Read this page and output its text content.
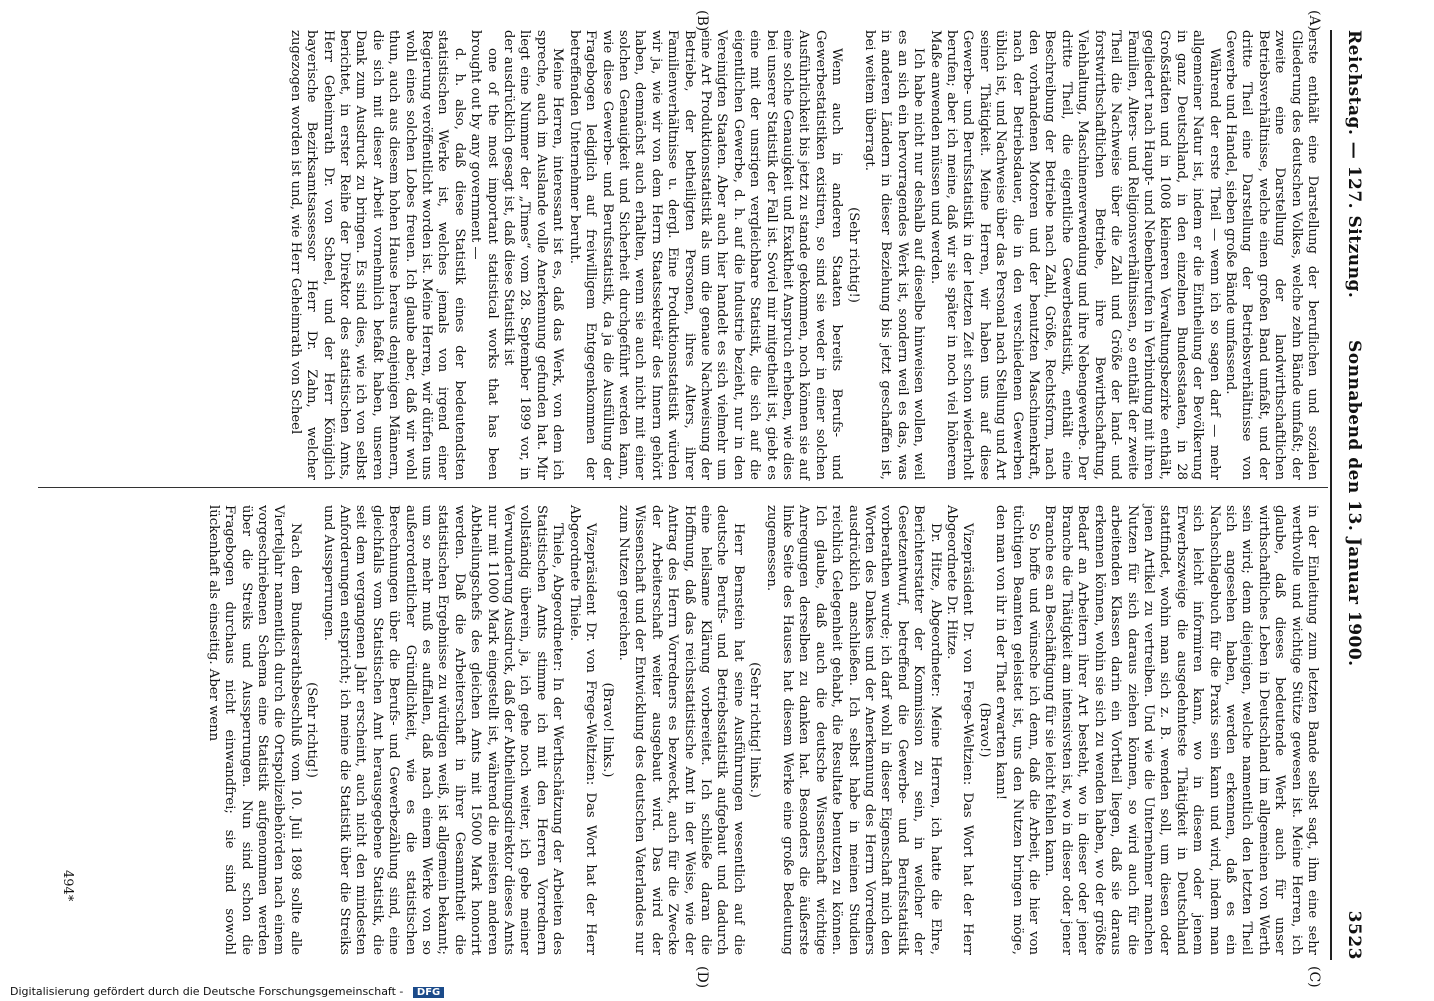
Reichstag. — 127. Sitzung.
Sonnabend den 13. Januar 1900.
3523
(A)
(B)
(C)
(D)

erste enthält eine Darstellung der beruflichen und sozialen Gliederung des deutschen Volkes, welche zehn Bände umfaßt; der zweite eine Darstellung der landwirthschaftlichen Betriebsverhältnisse, welche einen großen Band umfaßt, und der dritte Theil eine Darstellung der Betriebsverhältnisse von Gewerbe und Handel, sieben große Bände umfassend.

Während der erste Theil — wenn ich so sagen darf — mehr allgemeiner Natur ist, indem er die Eintheilung der Bevölkerung in ganz Deutschland, in den einzelnen Bundesstaaten, in 28 Großstädten und in 1008 kleineren Verwaltungsbezirke enthält, gegliedert nach Haupt- und Nebenberufen in Verbindung mit ihren Familien, Alters- und Religionsverhältnissen, so enthält der zweite Theil die Nachweise über die Zahl und Größe der land- und forstwirthschaftlichen Betriebe, ihre Bewirthschaftung, Viehhaltung, Maschinenverwendung und ihre Nebengewerbe. Der dritte Theil, die eigentliche Gewerbestatistik, enthält eine Beschreibung der Betriebe nach Zahl, Größe, Rechtsform, nach den vorhandenen Motoren und der benutzten Maschinenkraft, nach der Betriebsdauer, die in den verschiedenen Gewerben üblich ist, und Nachweise über das Personal nach Stellung und Art seiner Thätigkeit. Meine Herren, wir haben uns auf diese Gewerbe- und Berufsstatistik in der letzten Zeit schon wiederholt berufen; aber ich meine, daß wir sie später in noch viel höherem Maße anwenden müssen und werden.

Ich habe nicht nur deshalb auf dieselbe hinweisen wollen, weil es an sich ein hervorragendes Werk ist, sondern weil es das, was in anderen Ländern in dieser Beziehung bis jetzt geschaffen ist, bei weitem überragt.

(Sehr richtig!)

Wenn auch in anderen Staaten bereits Berufs- und Gewerbestatistiken existiren, so sind sie weder in einer solchen Ausführlichkeit bis jetzt zu stande gekommen, noch können sie auf eine solche Genauigkeit und Exaktheit Anspruch erheben, wie dies bei unserer Statistik der Fall ist. Soviel mir mitgetheilt ist, giebt es eine mit der unsrigen vergleichbare Statistik, die sich auf die eigentlichen Gewerbe, d. h. auf die Industrie bezieht, nur in den Vereinigten Staaten. Aber auch hier handelt es sich vielmehr um eine Art Produktionsstatistik als um die genaue Nachweisung der Betriebe, der betheiligten Personen, ihres Alters, ihrer Familienverhältnisse u. dergl. Eine Produktionsstatistik würden wir ja, wie wir von dem Herrn Staatssekretär des Innern gehört haben, demnächst auch erhalten, wenn sie auch nicht mit einer solchen Genauigkeit und Sicherheit durchgeführt werden kann, wie diese Gewerbe- und Berufsstatistik, da ja die Ausfüllung der Fragebogen lediglich auf freiwilligem Entgegenkommen der betreffenden Unternehmer beruht.

Meine Herren, interessant ist es, daß das Werk, von dem ich spreche, auch im Auslande volle Anerkennung gefunden hat. Mir liegt eine Nummer der „Times“ vom 28. September 1899 vor, in der ausdrücklich gesagt ist, daß diese Statistik ist

one of the most important statistical works that has been brought out by any government —

d. h. also, daß diese Statistik eines der bedeutendsten statistischen Werke ist, welches jemals von irgend einer Regierung veröffentlicht worden ist. Meine Herren, wir dürfen uns wohl eines solchen Lobes freuen. Ich glaube aber, daß wir wohl thun, auch aus diesem hohen Hause heraus denjenigen Männern, die sich mit dieser Arbeit vornehmlich befaßt haben, unseren Dank zum Ausdruck zu bringen. Es sind dies, wie ich von selbst berichtet, in erster Reihe der Direktor des statistischen Amts, Herr Geheimrath Dr. von Scheel, und der Herr Königlich bayerische Bezirksamtsassessor Herr Dr. Zahn, welcher zugezogen worden ist und, wie Herr Geheimrath von Scheel

in der Einleitung zum letzten Bande selbst sagt, ihm eine sehr werthvolle und wichtige Stütze gewesen ist. Meine Herren, ich glaube, daß dieses bedeutende Werk auch für unser wirthschaftliches Leben in Deutschland im allgemeinen von Werth sein wird; denn diejenigen, welche namentlich den letzten Theil sich angesehen haben, werden erkennen, daß es ein Nachschlagebuch für die Praxis sein kann und wird, indem man sich leicht informiren kann, wo in diesem oder jenem Erwerbszweige die ausgedehnteste Thätigkeit in Deutschland stattfindet, wohin man sich z. B. wenden soll, um diesen oder jenen Artikel zu vertreiben. Und wie die Unternehmer manchen Nutzen für sich daraus ziehen können, so wird auch für die arbeitenden Klassen darin ein Vortheil liegen, daß sie daraus erkennen können, wohin sie sich zu wenden haben, wo der größte Bedarf an Arbeitern ihrer Art besteht, wo in dieser oder jener Branche die Thätigkeit am intensivsten ist, wo in dieser oder jener Branche es an Beschäftigung für sie leicht fehlen kann.

So hoffe und wünsche ich denn, daß die Arbeit, die hier von tüchtigen Beamten geleistet ist, uns den Nutzen bringen möge, den man von ihr in der That erwarten kann!

(Bravo!)

Vizepräsident Dr. von Frege-Weltzien: Das Wort hat der Herr Abgeordnete Dr. Hitze.

Dr. Hitze, Abgeordneter: Meine Herren, ich hatte die Ehre, Berichterstatter der Kommission zu sein, in welcher der Gesetzentwurf, betreffend die Gewerbe- und Berufsstatistik vorberathen wurde; ich darf wohl in dieser Eigenschaft mich den Worten des Dankes und der Anerkennung des Herrn Vorredners ausdrücklich anschließen. Ich selbst habe in meinen Studien reichlich Gelegenheit gehabt, die Resultate benutzen zu können. Ich glaube, daß auch die deutsche Wissenschaft wichtige Anregungen derselben zu danken hat. Besonders die äußerste linke Seite des Hauses hat diesem Werke eine große Bedeutung zugemessen.

(Sehr richtig! links.)

Herr Bernstein hat seine Ausführungen wesentlich auf die deutsche Berufs- und Betriebsstatistik aufgebaut und dadurch eine heilsame Klärung vorbereitet. Ich schließe daran die Hoffnung, daß das reichsstatistische Amt in der Weise, wie der Antrag des Herrn Vorredners es bezweckt, auch für die Zwecke der Arbeiterschaft weiter ausgebaut wird. Das wird der Wissenschaft und der Entwicklung des deutschen Vaterlandes nur zum Nutzen gereichen.

(Bravo! links.)

Vizepräsident Dr. von Frege-Weltzien: Das Wort hat der Herr Abgeordnete Thiele.

Thiele, Abgeordneter: In der Werthschätzung der Arbeiten des Statistischen Amts stimme ich mit den Herren Vorrednern vollständig überein, ja, ich gehe noch weiter, ich gebe meiner Verwunderung Ausdruck, daß der Abtheilungsdirektor dieses Amts nur mit 11000 Mark eingestellt ist, während die meisten anderen Abtheilungschefs des gleichen Amts mit 15000 Mark honorirt werden. Daß die Arbeiterschaft in ihrer Gesammtheit die statistischen Ergebnisse zu würdigen weiß, ist allgemein bekannt; um so mehr muß es auffallen, daß nach einem Werke von so außerordentlicher Gründlichkeit, wie es die statistischen Berechnungen über die Berufs- und Gewerbezählung sind, eine gleichfalls vom Statistischen Amt herausgegebene Statistik, die seit dem vergangenen Jahr erscheint, auch nicht den mindesten Anforderungen entspricht; ich meine die Statistik über die Streiks und Aussperrungen.

(Sehr richtig!)

Nach dem Bundesrathsbeschluß vom 10. Juli 1898 sollte alle Vierteljahr namentlich durch die Ortspolizeibehörden nach einem vorgeschriebenen Schema eine Statistik aufgenommen werden über die Streiks und Aussperrungen. Nun sind schon die Fragebogen durchaus nicht einwandfrei; sie sind sowohl lückenhaft als einseitig. Aber wenn

494*
Digitalisierung gefördert durch die Deutsche Forschungsgemeinschaft - DFG
